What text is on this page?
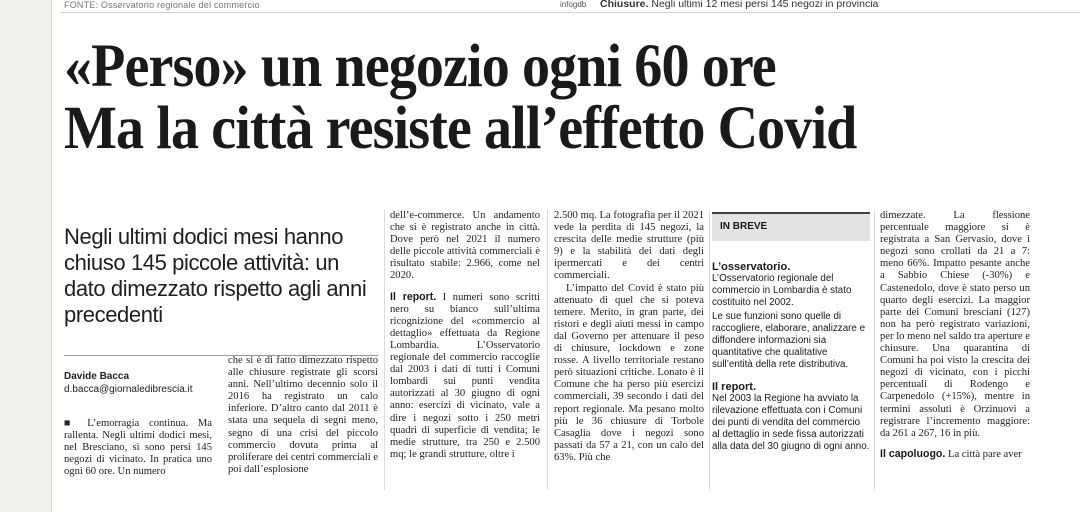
FONTE: Osservatorio regionale del commercio	infogdb Chiusure. Negli ultimi 12 mesi persi 145 negozi in provincia
«Perso» un negozio ogni 60 ore
Ma la città resiste all’effetto Covid
Negli ultimi dodici mesi hanno chiuso 145 piccole attività: un dato dimezzato rispetto agli anni precedenti
Davide Bacca
d.bacca@giornaledibrescia.it

■ L’emorragia continua. Ma rallenta. Negli ultimi dodici mesi, nel Bresciano, si sono persi 145 negozi di vicinato. In pratica uno ogni 60 ore. Un numero

che si è di fatto dimezzato rispetto alle chiusure registrate gli scorsi anni. Nell’ultimo decennio solo il 2016 ha registrato un calo inferiore. D’altro canto dal 2011 è stata una sequela di segni meno, segno di una crisi del piccolo commercio dovuta prima al proliferare dei centri commerciali e poi dall’esplosione

dell’e-commerce. Un andamento che si è registrato anche in città. Dove però nel 2021 il numero delle piccole attività commerciali è risultato stabile: 2.966, come nel 2020.

Il report. I numeri sono scritti nero su bianco sull’ultima ricognizione del «commercio al dettaglio» effettuata da Regione Lombardia. L’Osservatorio regionale del commercio raccoglie dal 2003 i dati di tutti i Comuni lombardi sui punti vendita autorizzati al 30 giugno di ogni anno: esercizi di vicinato, vale a dire i negozi sotto i 250 metri quadri di superficie di vendita; le medie strutture, tra 250 e 2.500 mq; le grandi strutture, oltre i

2.500 mq. La fotografia per il 2021 vede la perdita di 145 negozi, la crescita delle medie strutture (più 9) e la stabilità dei dati degli ipermercati e dei centri commerciali.

L’impatto del Covid è stato più attenuato di quel che si poteva temere. Merito, in gran parte, dei ristori e degli aiuti messi in campo dal Governo per attenuare il peso di chiusure, lockdown e zone rosse. A livello territoriale restano però situazioni critiche. Lonato è il Comune che ha perso più esercizi commerciali, 39 secondo i dati del report regionale. Ma pesano molto più le 36 chiusure di Torbole Casaglia dove i negozi sono passati da 57 a 21, con un calo del 63%. Più che

IN BREVE
L’osservatorio.

L’Osservatorio regionale del commercio in Lombardia è stato costituito nel 2002.

Le sue funzioni sono quelle di raccogliere, elaborare, analizzare e diffondere informazioni sia quantitative che qualitative sull’entità della rete distributiva.

Il report.

Nel 2003 la Regione ha avviato la rilevazione effettuata con i Comuni dei punti di vendita del commercio al dettaglio in sede fissa autorizzati alla data del 30 giugno di ogni anno.

dimezzate. La flessione percentuale maggiore si è registrata a San Gervasio, dove i negozi sono crollati da 21 a 7: meno 66%. Impatto pesante anche a Sabbio Chiese (-30%) e Castenedolo, dove è stato perso un quarto degli esercizi. La maggior parte dei Comuni bresciani (127) non ha però registrato variazioni, per lo meno nel saldo tra aperture e chiusure. Una quarantina di Comuni ha poi visto la crescita dei negozi di vicinato, con i picchi percentuali di Rodengo e Carpenedolo (+15%), mentre in termini assoluti è Orzinuovi a registrare l’incremento maggiore: da 261 a 267, 16 in più.

Il capoluogo. La città pare aver
